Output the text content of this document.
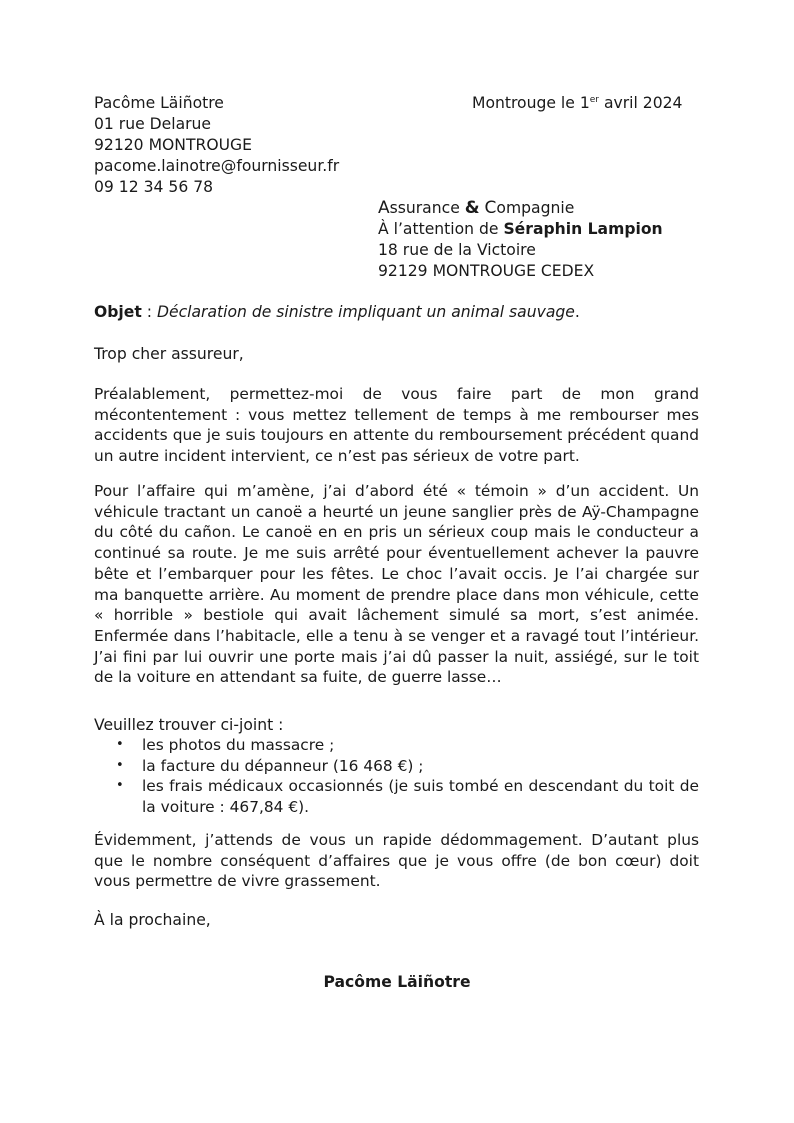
Pacôme Läiñotre
01 rue Delarue
92120 MONTROUGE
pacome.lainotre@fournisseur.fr
09 12 34 56 78
Montrouge le 1er avril 2024
Assurance & Compagnie
À l’attention de Séraphin Lampion
18 rue de la Victoire
92129 MONTROUGE CEDEX
Objet : Déclaration de sinistre impliquant un animal sauvage.
Trop cher assureur,
Préalablement, permettez-moi de vous faire part de mon grand mécontentement : vous mettez tellement de temps à me rembourser mes accidents que je suis toujours en attente du remboursement précédent quand un autre incident intervient, ce n’est pas sérieux de votre part.
Pour l’affaire qui m’amène, j’ai d’abord été « témoin » d’un accident. Un véhicule tractant un canoë a heurté un jeune sanglier près de Aÿ-Champagne du côté du cañon. Le canoë en en pris un sérieux coup mais le conducteur a continué sa route. Je me suis arrêté pour éventuellement achever la pauvre bête et l’embarquer pour les fêtes. Le choc l’avait occis. Je l’ai chargée sur ma banquette arrière. Au moment de prendre place dans mon véhicule, cette « horrible » bestiole qui avait lâchement simulé sa mort, s’est animée. Enfermée dans l’habitacle, elle a tenu à se venger et a ravagé tout l’intérieur. J’ai fini par lui ouvrir une porte mais j’ai dû passer la nuit, assiégé, sur le toit de la voiture en attendant sa fuite, de guerre lasse…
Veuillez trouver ci-joint :
• les photos du massacre ;
• la facture du dépanneur (16 468 €) ;
• les frais médicaux occasionnés (je suis tombé en descendant du toit de la voiture : 467,84 €).
Évidemment, j’attends de vous un rapide dédommagement. D’autant plus que le nombre conséquent d’affaires que je vous offre (de bon cœur) doit vous permettre de vivre grassement.
À la prochaine,
Pacôme Läiñotre
